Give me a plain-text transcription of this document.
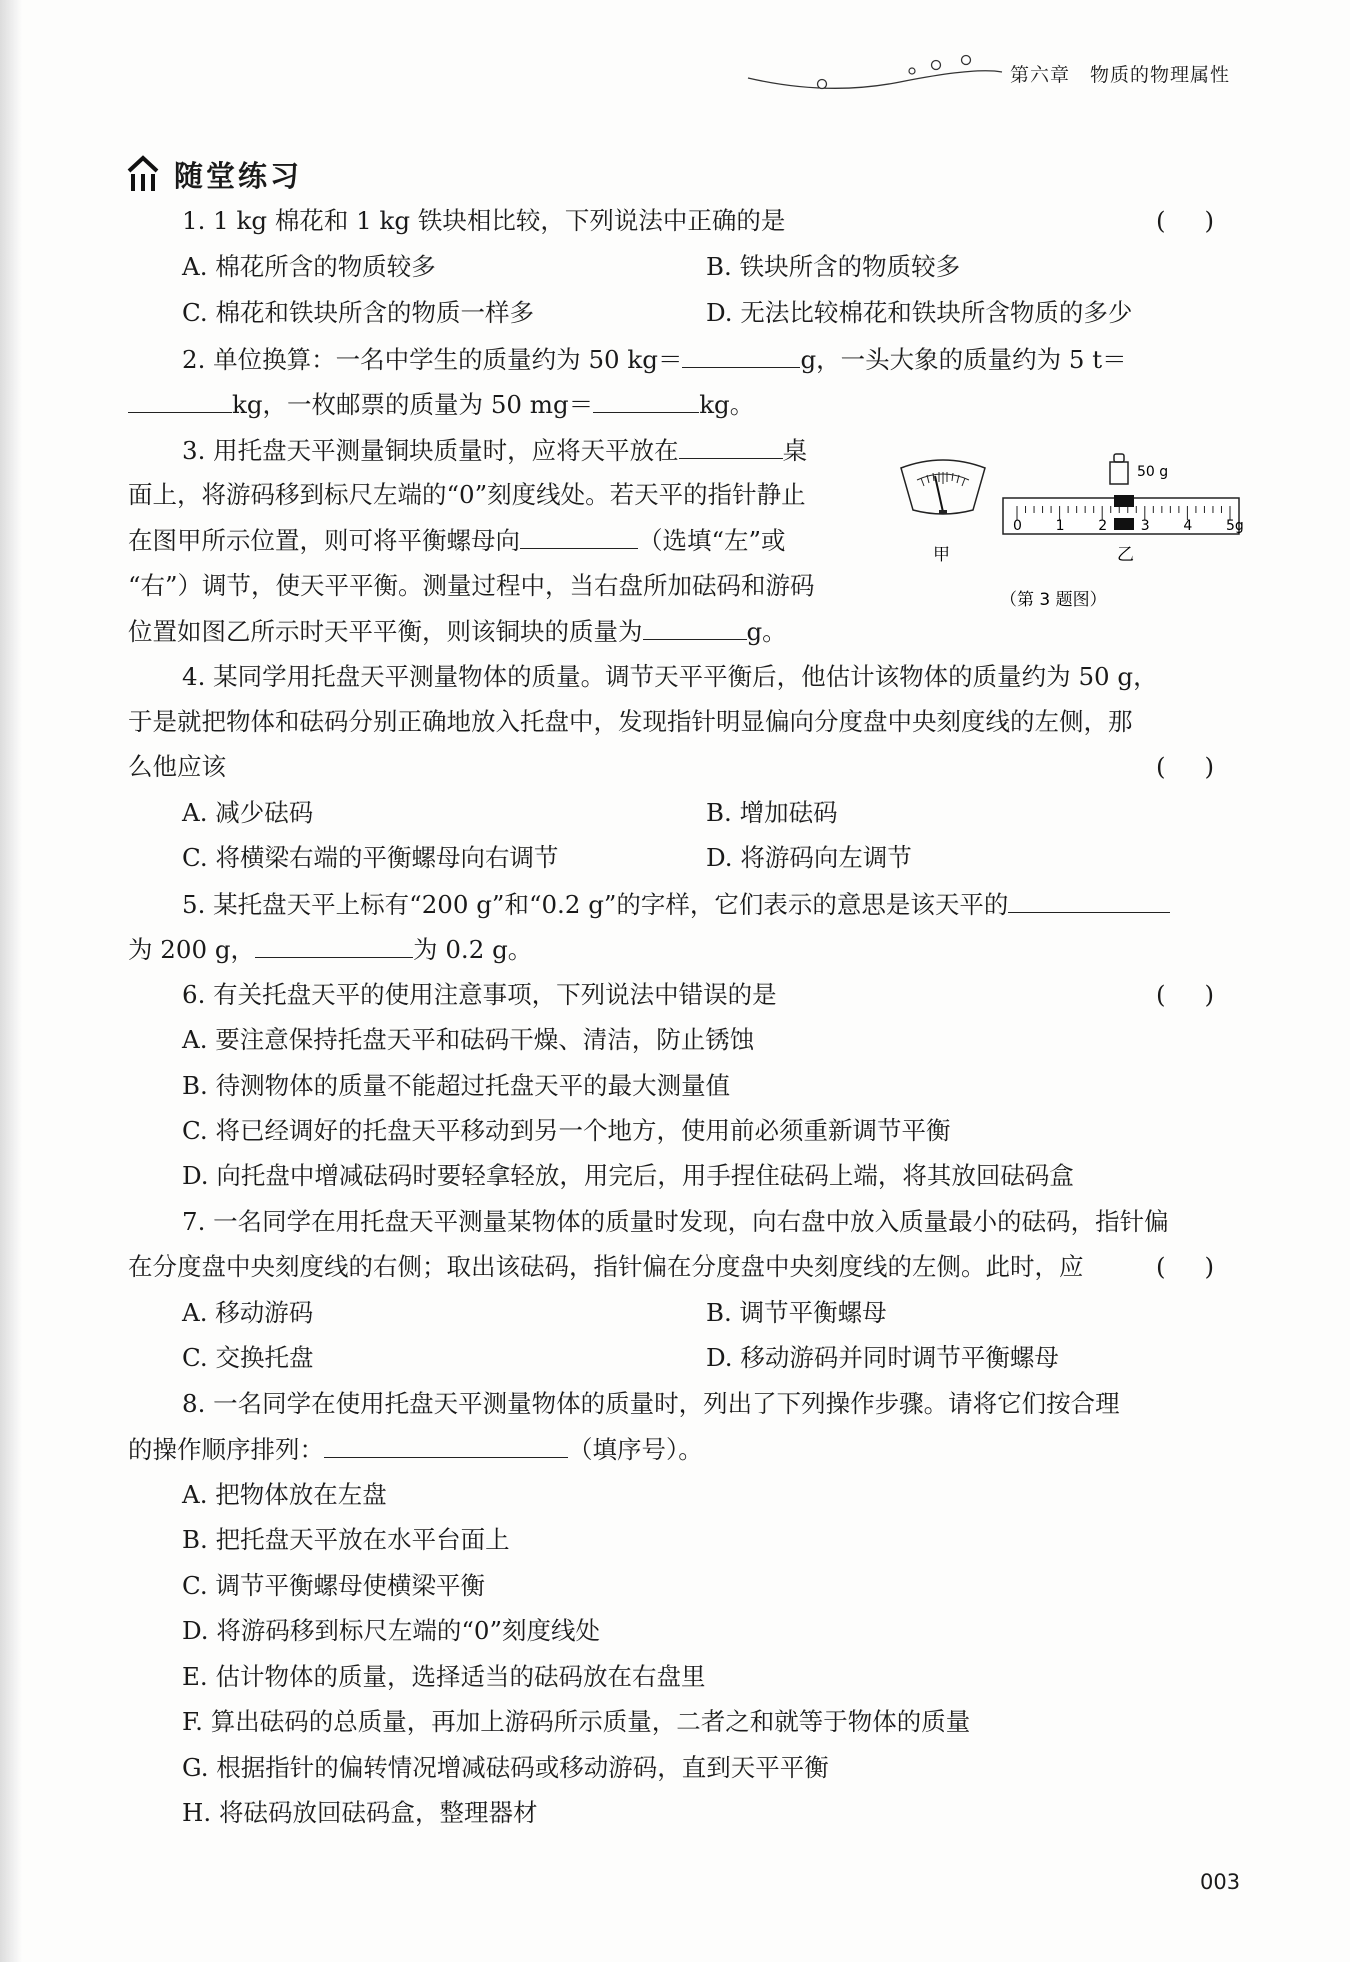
第六章 物质的物理属性
随堂练习
1. 1 kg 棉花和 1 kg 铁块相比较，下列说法中正确的是	(     )
A. 棉花所含的物质较多	B. 铁块所含的物质较多
C. 棉花和铁块所含的物质一样多	D. 无法比较棉花和铁块所含物质的多少
2. 单位换算：一名中学生的质量约为 50 kg＝	g，一头大象的质量约为 5 t＝
kg，一枚邮票的质量为 50 mg＝	kg。
3. 用托盘天平测量铜块质量时，应将天平放在	桌
面上，将游码移到标尺左端的“0”刻度线处。若天平的指针静止
在图甲所示位置，则可将平衡螺母向	（选填“左”或
“右”）调节，使天平平衡。测量过程中，当右盘所加砝码和游码
位置如图乙所示时天平平衡，则该铜块的质量为	g。
甲
50 g
0 1 2 3 4 5g
乙
（第 3 题图）
4. 某同学用托盘天平测量物体的质量。调节天平平衡后，他估计该物体的质量约为 50 g，
于是就把物体和砝码分别正确地放入托盘中，发现指针明显偏向分度盘中央刻度线的左侧，那
么他应该	(     )
A. 减少砝码	B. 增加砝码
C. 将横梁右端的平衡螺母向右调节	D. 将游码向左调节
5. 某托盘天平上标有“200 g”和“0.2 g”的字样，它们表示的意思是该天平的
为 200 g，	为 0.2 g。
6. 有关托盘天平的使用注意事项，下列说法中错误的是	(     )
A. 要注意保持托盘天平和砝码干燥、清洁，防止锈蚀
B. 待测物体的质量不能超过托盘天平的最大测量值
C. 将已经调好的托盘天平移动到另一个地方，使用前必须重新调节平衡
D. 向托盘中增减砝码时要轻拿轻放，用完后，用手捏住砝码上端，将其放回砝码盒
7. 一名同学在用托盘天平测量某物体的质量时发现，向右盘中放入质量最小的砝码，指针偏
在分度盘中央刻度线的右侧；取出该砝码，指针偏在分度盘中央刻度线的左侧。此时，应	(     )
A. 移动游码	B. 调节平衡螺母
C. 交换托盘	D. 移动游码并同时调节平衡螺母
8. 一名同学在使用托盘天平测量物体的质量时，列出了下列操作步骤。请将它们按合理
的操作顺序排列：	（填序号）。
A. 把物体放在左盘
B. 把托盘天平放在水平台面上
C. 调节平衡螺母使横梁平衡
D. 将游码移到标尺左端的“0”刻度线处
E. 估计物体的质量，选择适当的砝码放在右盘里
F. 算出砝码的总质量，再加上游码所示质量，二者之和就等于物体的质量
G. 根据指针的偏转情况增减砝码或移动游码，直到天平平衡
H. 将砝码放回砝码盒，整理器材
003
